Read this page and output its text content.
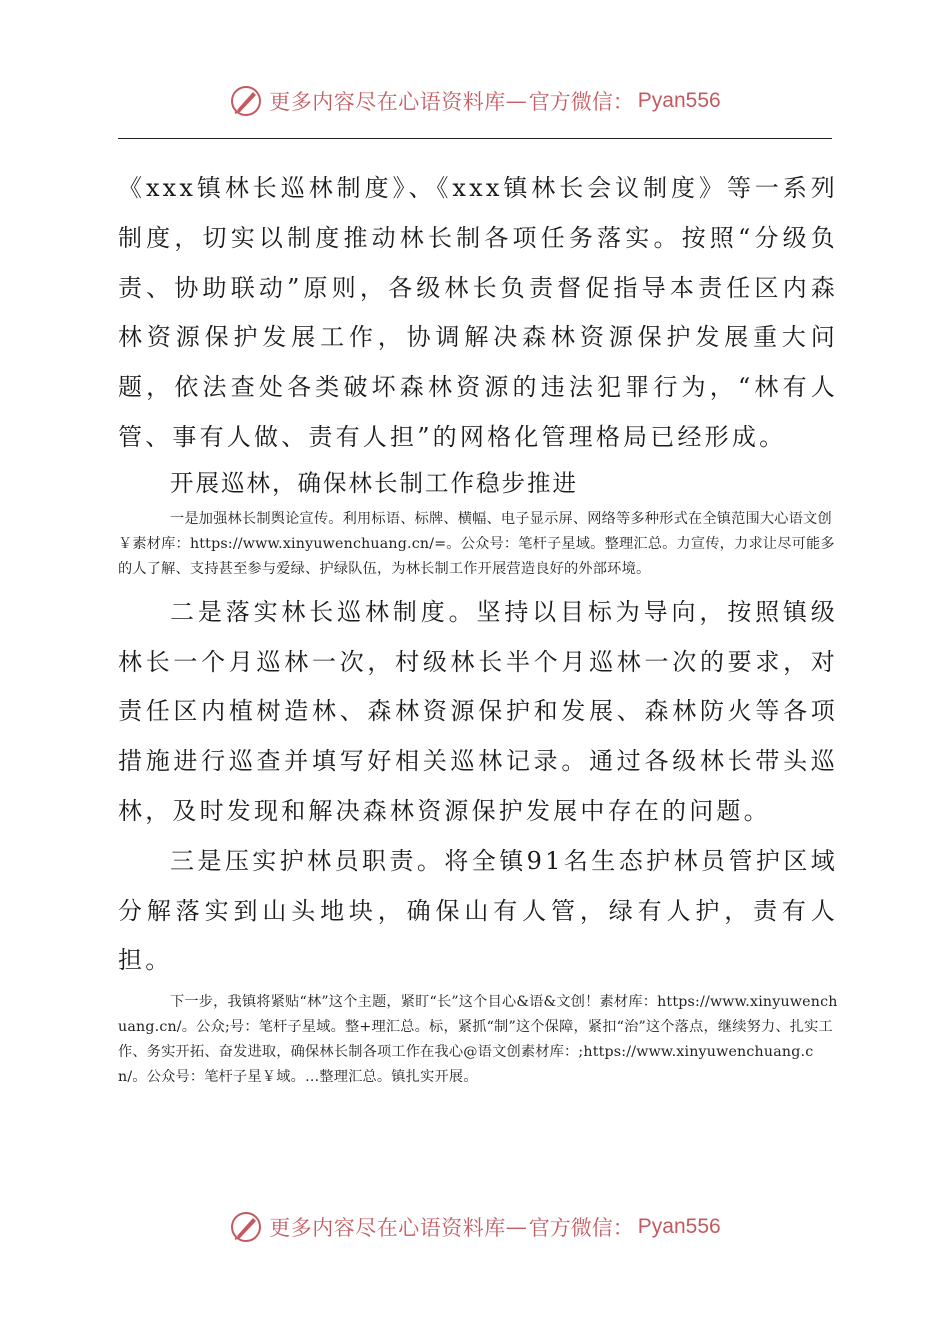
更多内容尽在心语资料库 — 官方微信： Pyan556

《xxx镇林长巡林制度》、《xxx镇林长会议制度》等一系列制度，切实以制度推动林长制各项任务落实。按照“分级负责、协助联动”原则，各级林长负责督促指导本责任区内森林资源保护发展工作，协调解决森林资源保护发展重大问题，依法查处各类破坏森林资源的违法犯罪行为，“林有人管、事有人做、责有人担”的网格化管理格局已经形成。

开展巡林，确保林长制工作稳步推进

一是加强林长制舆论宣传。利用标语、标牌、横幅、电子显示屏、网络等多种形式在全镇范围大心语文创￥素材库：https://www.xinyuwenchuang.cn/=。公众号：笔杆子星域。整理汇总。力宣传，力求让尽可能多的人了解、支持甚至参与爱绿、护绿队伍，为林长制工作开展营造良好的外部环境。

二是落实林长巡林制度。坚持以目标为导向，按照镇级林长一个月巡林一次，村级林长半个月巡林一次的要求，对责任区内植树造林、森林资源保护和发展、森林防火等各项措施进行巡查并填写好相关巡林记录。通过各级林长带头巡林，及时发现和解决森林资源保护发展中存在的问题。

三是压实护林员职责。将全镇91名生态护林员管护区域分解落实到山头地块，确保山有人管，绿有人护，责有人担。

下一步，我镇将紧贴“林”这个主题，紧盯“长”这个目心&语&文创！素材库：https://www.xinyuwenchuang.cn/。公众;号：笔杆子星域。整+理汇总。标，紧抓“制”这个保障，紧扣“治”这个落点，继续努力、扎实工作、务实开拓、奋发进取，确保林长制各项工作在我心@语文创素材库：;https://www.xinyuwenchuang.cn/。公众号：笔杆子星￥域。…整理汇总。镇扎实开展。

更多内容尽在心语资料库 — 官方微信： Pyan556
